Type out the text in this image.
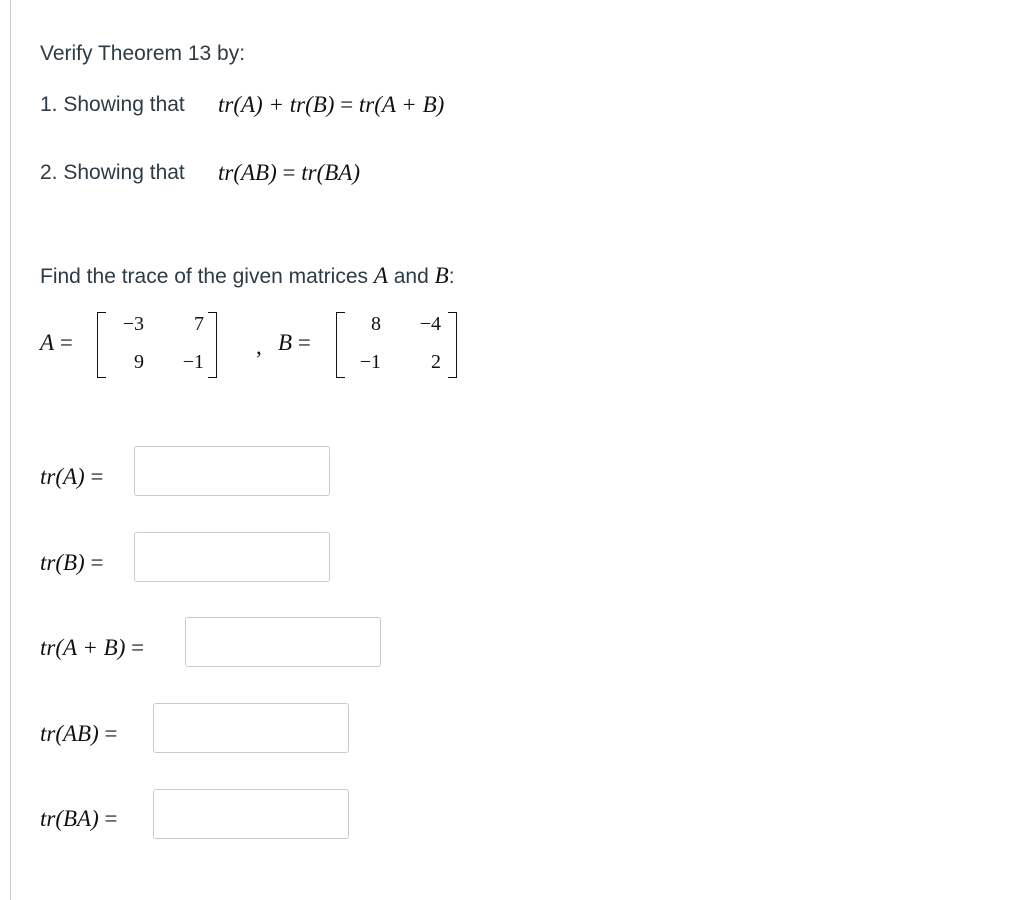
Verify Theorem 13 by:
1. Showing that tr(A) + tr(B) = tr(A + B)
2. Showing that tr(AB) = tr(BA)
Find the trace of the given matrices A and B:
A =
−3	7
9	−1
, B =
8	−4
−1	2
tr(A) =
tr(B) =
tr(A + B) =
tr(AB) =
tr(BA) =
